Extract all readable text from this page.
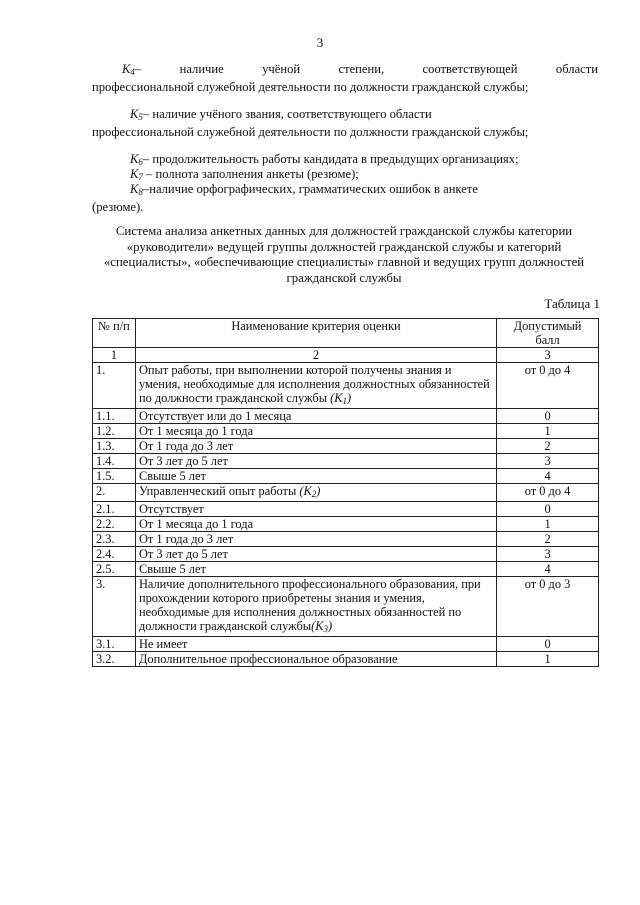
3
$K_4-$       наличие       учёной       степени,       соответствующей       области
профессиональной служебной деятельности по должности гражданской службы;
$K_5-$ наличие учёного звания, соответствующего области
профессиональной служебной деятельности по должности гражданской службы;
$K_6-$ продолжительность работы кандидата в предыдущих организациях;
$K_7$ – полнота заполнения анкеты (резюме);
$K_8$–наличие орфографических, грамматических ошибок в анкете
(резюме).
Система анализа анкетных данных для должностей гражданской службы категории «руководители» ведущей группы должностей гражданской службы и категорий «специалисты», «обеспечивающие специалисты» главной и ведущих групп должностей гражданской службы
Таблица 1
№ п/п	Наименование критерия оценки	Допустимый балл
1	2	3
1.	Опыт работы, при выполнении которой получены знания и умения, необходимые для исполнения должностных обязанностей по должности гражданской службы $(K_1)$	от 0 до 4
1.1.	Отсутствует или до 1 месяца	0
1.2.	От 1 месяца до 1 года	1
1.3.	От 1 года до 3 лет	2
1.4.	От 3 лет до 5 лет	3
1.5.	Свыше 5 лет	4
2.	Управленческий опыт работы $(K_2)$	от 0 до 4
2.1.	Отсутствует	0
2.2.	От 1 месяца до 1 года	1
2.3.	От 1 года до 3 лет	2
2.4.	От 3 лет до 5 лет	3
2.5.	Свыше 5 лет	4
3.	Наличие дополнительного профессионального образования, при прохождении которого приобретены знания и умения, необходимые для исполнения должностных обязанностей по должности гражданской $службы(K_3)$	от 0 до 3
3.1.	Не имеет	0
3.2.	Дополнительное профессиональное образование	1
